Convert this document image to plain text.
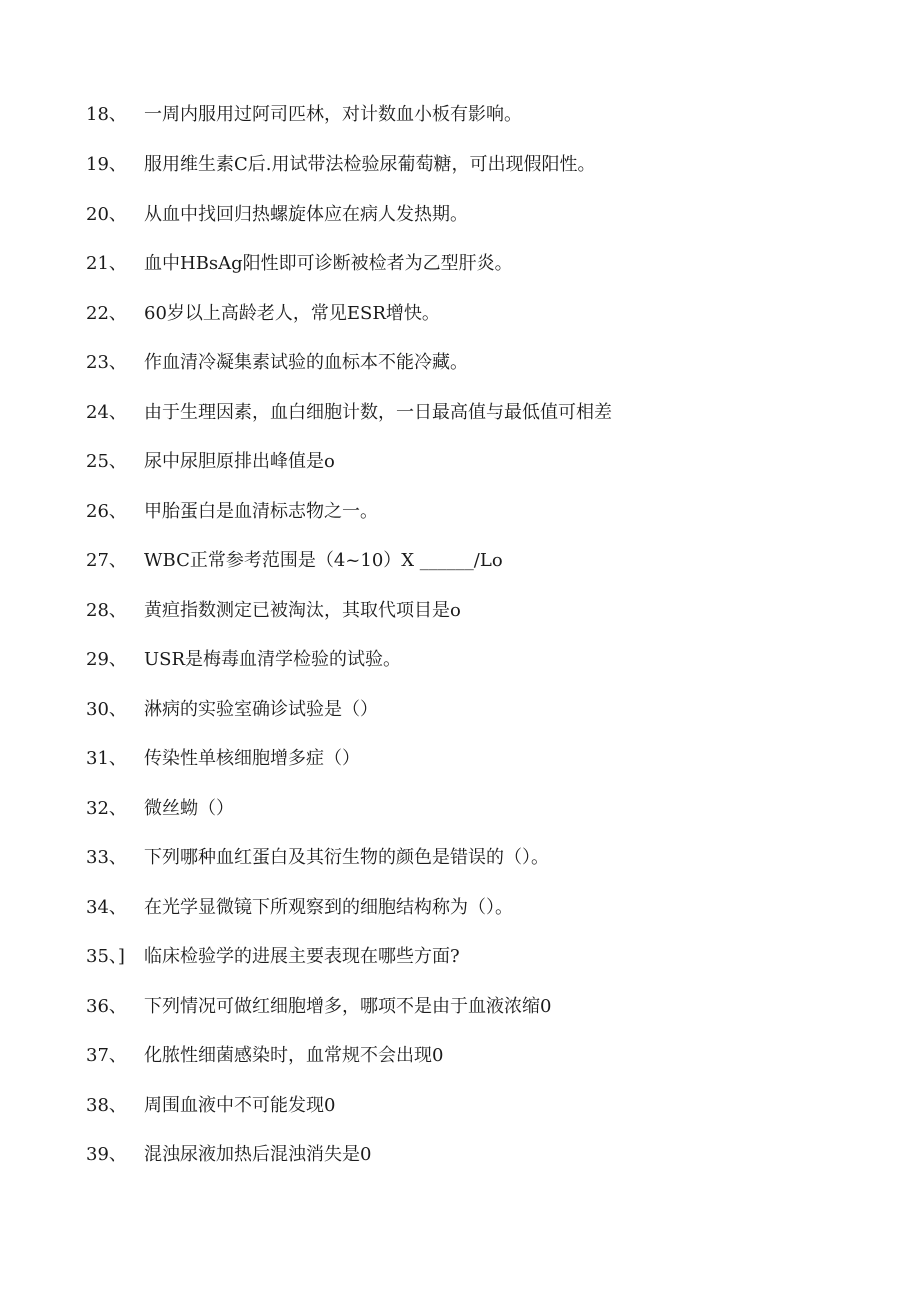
18、 一周内服用过阿司匹林，对计数血小板有影响。
19、 服用维生素C后.用试带法检验尿葡萄糖，可出现假阳性。
20、 从血中找回归热螺旋体应在病人发热期。
21、 血中HBsAg阳性即可诊断被检者为乙型肝炎。
22、 60岁以上高龄老人，常见ESR增快。
23、 作血清冷凝集素试验的血标本不能冷藏。
24、 由于生理因素，血白细胞计数，一日最高值与最低值可相差
25、 尿中尿胆原排出峰值是o
26、 甲胎蛋白是血清标志物之一。
27、 WBC正常参考范围是（4~10）X ______/Lo
28、 黄疸指数测定已被淘汰，其取代项目是o
29、 USR是梅毒血清学检验的试验。
30、 淋病的实验室确诊试验是（）
31、 传染性单核细胞增多症（）
32、 微丝蚴（）
33、 下列哪种血红蛋白及其衍生物的颜色是错误的（）。
34、 在光学显微镜下所观察到的细胞结构称为（）。
35、] 临床检验学的进展主要表现在哪些方面?
36、 下列情况可做红细胞增多，哪项不是由于血液浓缩0
37、 化脓性细菌感染时，血常规不会出现0
38、 周围血液中不可能发现0
39、 混浊尿液加热后混浊消失是0
